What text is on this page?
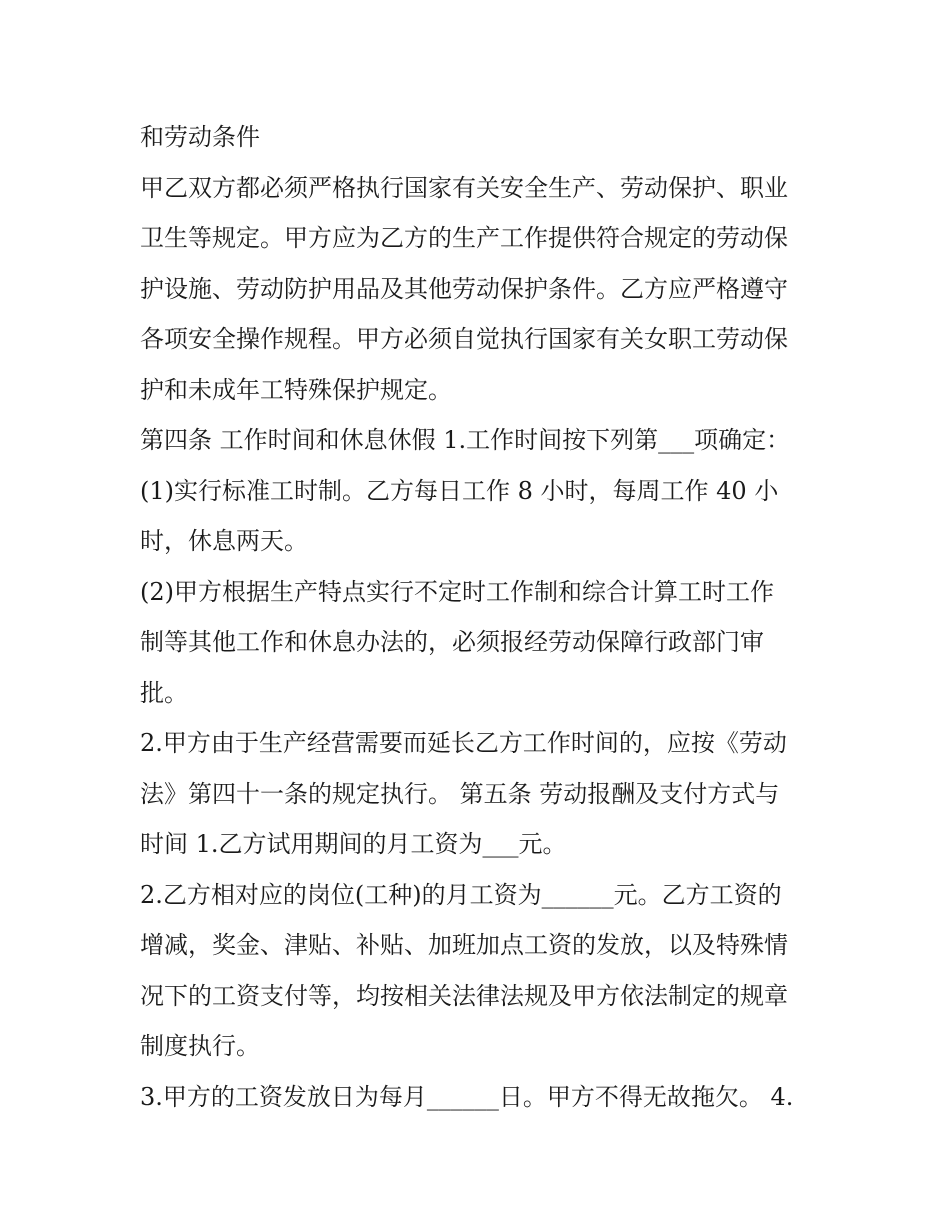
和劳动条件
甲乙双方都必须严格执行国家有关安全生产、劳动保护、职业
卫生等规定。甲方应为乙方的生产工作提供符合规定的劳动保
护设施、劳动防护用品及其他劳动保护条件。乙方应严格遵守
各项安全操作规程。甲方必须自觉执行国家有关女职工劳动保
护和未成年工特殊保护规定。
第四条 工作时间和休息休假 1.工作时间按下列第___项确定：
(1)实行标准工时制。乙方每日工作 8 小时，每周工作 40 小
时，休息两天。
(2)甲方根据生产特点实行不定时工作制和综合计算工时工作
制等其他工作和休息办法的，必须报经劳动保障行政部门审
批。
2.甲方由于生产经营需要而延长乙方工作时间的，应按《劳动
法》第四十一条的规定执行。 第五条 劳动报酬及支付方式与
时间 1.乙方试用期间的月工资为___元。
2.乙方相对应的岗位(工种)的月工资为______元。乙方工资的
增减，奖金、津贴、补贴、加班加点工资的发放，以及特殊情
况下的工资支付等，均按相关法律法规及甲方依法制定的规章
制度执行。
3.甲方的工资发放日为每月______日。甲方不得无故拖欠。 4.
